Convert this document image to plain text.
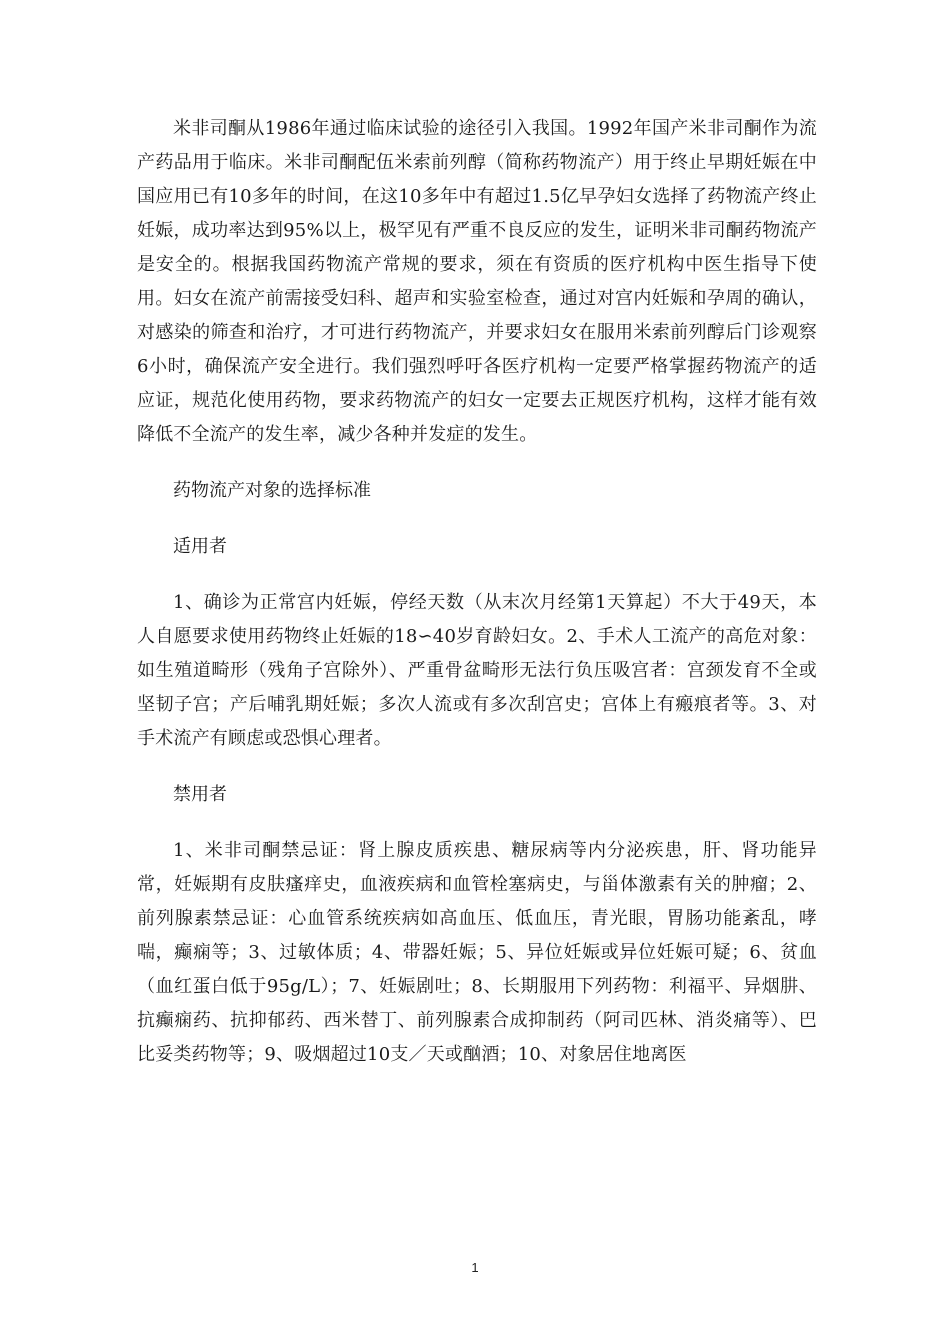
米非司酮从1986年通过临床试验的途径引入我国。1992年国产米非司酮作为流产药品用于临床。米非司酮配伍米索前列醇（简称药物流产）用于终止早期妊娠在中国应用已有10多年的时间，在这10多年中有超过1.5亿早孕妇女选择了药物流产终止妊娠，成功率达到95%以上，极罕见有严重不良反应的发生，证明米非司酮药物流产是安全的。根据我国药物流产常规的要求，须在有资质的医疗机构中医生指导下使用。妇女在流产前需接受妇科、超声和实验室检查，通过对宫内妊娠和孕周的确认，对感染的筛查和治疗，才可进行药物流产，并要求妇女在服用米索前列醇后门诊观察6小时，确保流产安全进行。我们强烈呼吁各医疗机构一定要严格掌握药物流产的适应证，规范化使用药物，要求药物流产的妇女一定要去正规医疗机构，这样才能有效降低不全流产的发生率，减少各种并发症的发生。

药物流产对象的选择标准

适用者

1、确诊为正常宫内妊娠，停经天数（从末次月经第1天算起）不大于49天，本人自愿要求使用药物终止妊娠的18∽40岁育龄妇女。2、手术人工流产的高危对象：如生殖道畸形（残角子宫除外）、严重骨盆畸形无法行负压吸宫者：宫颈发育不全或坚韧子宫；产后哺乳期妊娠；多次人流或有多次刮宫史；宫体上有瘢痕者等。3、对手术流产有顾虑或恐惧心理者。

禁用者

1、米非司酮禁忌证：肾上腺皮质疾患、糖尿病等内分泌疾患，肝、肾功能异常，妊娠期有皮肤瘙痒史，血液疾病和血管栓塞病史，与甾体激素有关的肿瘤；2、前列腺素禁忌证：心血管系统疾病如高血压、低血压，青光眼，胃肠功能紊乱，哮喘，癫痫等；3、过敏体质；4、带器妊娠；5、异位妊娠或异位妊娠可疑；6、贫血（血红蛋白低于95g/L）；7、妊娠剧吐；8、长期服用下列药物：利福平、异烟肼、抗癫痫药、抗抑郁药、西米替丁、前列腺素合成抑制药（阿司匹林、消炎痛等）、巴比妥类药物等；9、吸烟超过10支／天或酗酒；10、对象居住地离医

1
